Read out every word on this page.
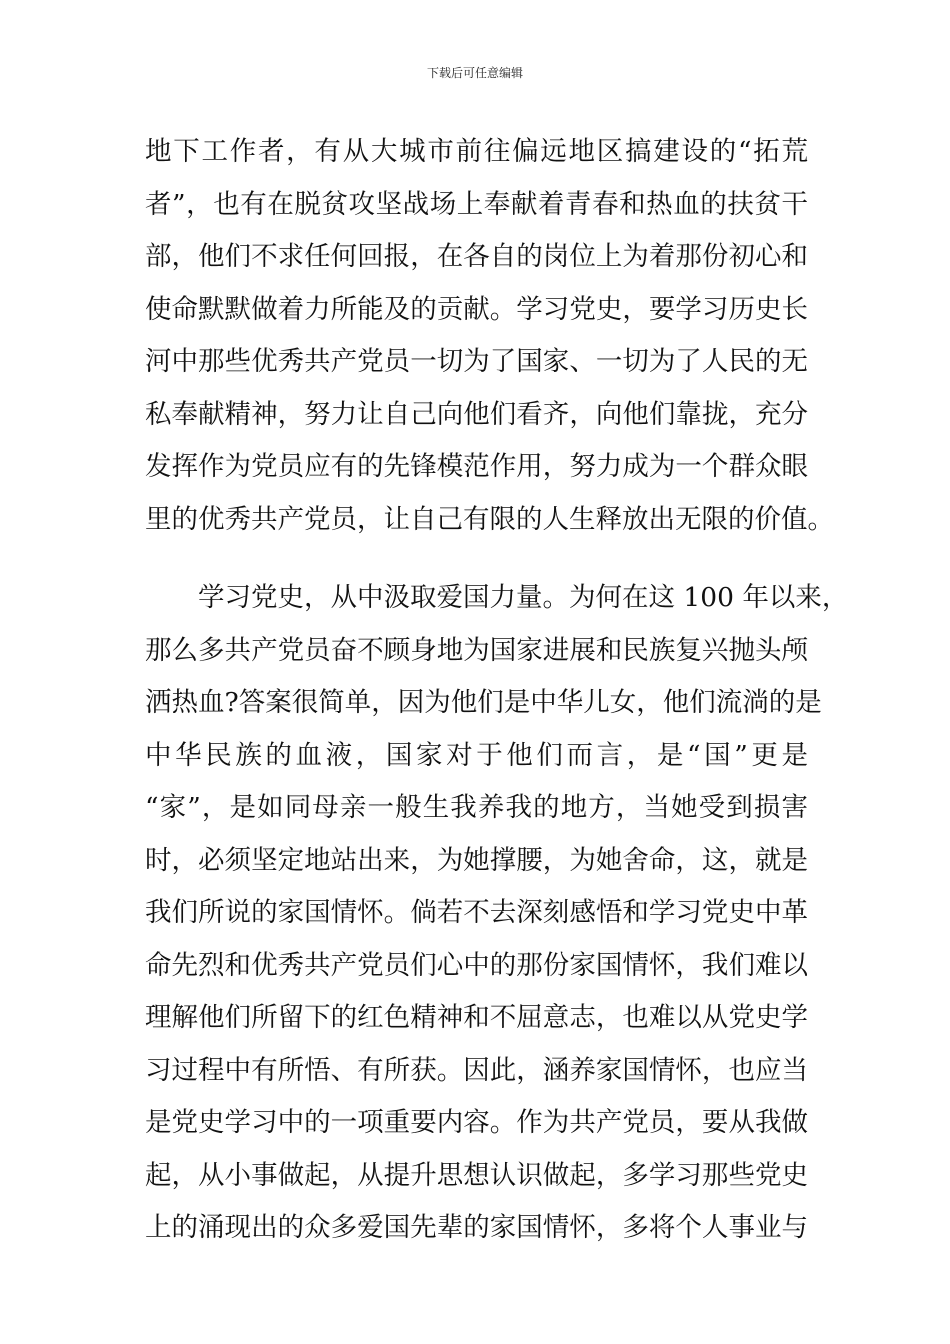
下载后可任意编辑
地下工作者，有从大城市前往偏远地区搞建设的“拓荒
者”，也有在脱贫攻坚战场上奉献着青春和热血的扶贫干
部，他们不求任何回报，在各自的岗位上为着那份初心和
使命默默做着力所能及的贡献。学习党史，要学习历史长
河中那些优秀共产党员一切为了国家、一切为了人民的无
私奉献精神，努力让自己向他们看齐，向他们靠拢，充分
发挥作为党员应有的先锋模范作用，努力成为一个群众眼
里的优秀共产党员，让自己有限的人生释放出无限的价值。
学习党史，从中汲取爱国力量。为何在这 100 年以来，
那么多共产党员奋不顾身地为国家进展和民族复兴抛头颅
洒热血?答案很简单，因为他们是中华儿女，他们流淌的是
中华民族的血液，国家对于他们而言，是“国”更是
“家”，是如同母亲一般生我养我的地方，当她受到损害
时，必须坚定地站出来，为她撑腰，为她舍命，这，就是
我们所说的家国情怀。倘若不去深刻感悟和学习党史中革
命先烈和优秀共产党员们心中的那份家国情怀，我们难以
理解他们所留下的红色精神和不屈意志，也难以从党史学
习过程中有所悟、有所获。因此，涵养家国情怀，也应当
是党史学习中的一项重要内容。作为共产党员，要从我做
起，从小事做起，从提升思想认识做起，多学习那些党史
上的涌现出的众多爱国先辈的家国情怀，多将个人事业与
